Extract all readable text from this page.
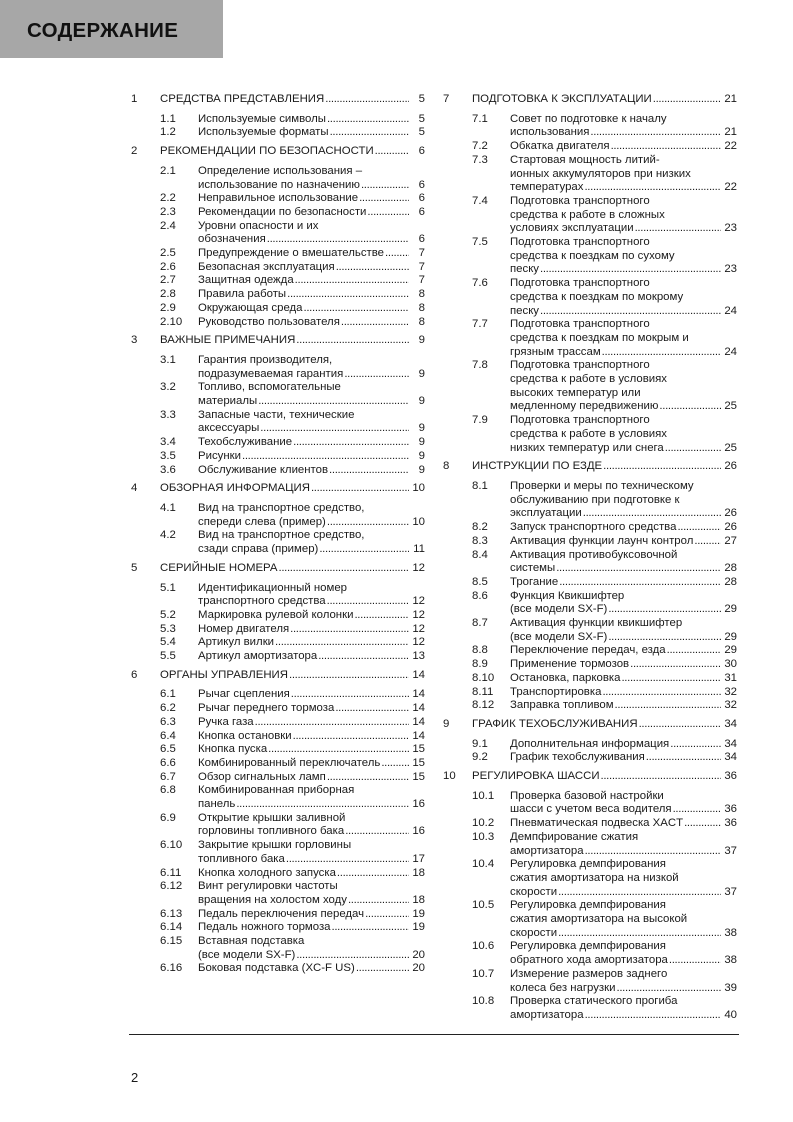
СОДЕРЖАНИЕ
1 СРЕДСТВА ПРЕДСТАВЛЕНИЯ . . .	5
1.1 Используемые символы . . .	5
1.2 Используемые форматы . . .	5
2 РЕКОМЕНДАЦИИ ПО БЕЗОПАСНОСТИ . . .	6
2.1 Определение использования –
использование по назначению . . .	6
2.2 Неправильное использование . . .	6
2.3 Рекомендации по безопасности . . .	6
2.4 Уровни опасности и их
обозначения . . .	6
2.5 Предупреждение о вмешательстве . . .	7
2.6 Безопасная эксплуатация . . .	7
2.7 Защитная одежда . . .	7
2.8 Правила работы . . .	8
2.9 Окружающая среда . . .	8
2.10 Руководство пользователя . . .	8
3 ВАЖНЫЕ ПРИМЕЧАНИЯ . . .	9
3.1 Гарантия производителя,
подразумеваемая гарантия . . .	9
3.2 Топливо, вспомогательные
материалы . . .	9
3.3 Запасные части, технические
аксессуары . . .	9
3.4 Техобслуживание . . .	9
3.5 Рисунки . . .	9
3.6 Обслуживание клиентов . . .	9
4 ОБЗОРНАЯ ИНФОРМАЦИЯ . . .	10
4.1 Вид на транспортное средство,
спереди слева (пример) . . .	10
4.2 Вид на транспортное средство,
сзади справа (пример) . . .	11
5 СЕРИЙНЫЕ НОМЕРА . . .	12
5.1 Идентификационный номер
транспортного средства . . .	12
5.2 Маркировка рулевой колонки . . .	12
5.3 Номер двигателя . . .	12
5.4 Артикул вилки . . .	12
5.5 Артикул амортизатора . . .	13
6 ОРГАНЫ УПРАВЛЕНИЯ . . .	14
6.1 Рычаг сцепления . . .	14
6.2 Рычаг переднего тормоза . . .	14
6.3 Ручка газа . . .	14
6.4 Кнопка остановки . . .	14
6.5 Кнопка пуска . . .	15
6.6 Комбинированный переключатель . . .	15
6.7 Обзор сигнальных ламп . . .	15
6.8 Комбинированная приборная
панель . . .	16
6.9 Открытие крышки заливной
горловины топливного бака . . .	16
6.10 Закрытие крышки горловины
топливного бака . . .	17
6.11 Кнопка холодного запуска . . .	18
6.12 Винт регулировки частоты
вращения на холостом ходу . . .	18
6.13 Педаль переключения передач . . .	19
6.14 Педаль ножного тормоза . . .	19
6.15 Вставная подставка
(все модели SX-F) . . .	20
6.16 Боковая подставка (XC-F US) . . .	20
7 ПОДГОТОВКА К ЭКСПЛУАТАЦИИ . . .	21
7.1 Совет по подготовке к началу
использования . . .	21
7.2 Обкатка двигателя . . .	22
7.3 Стартовая мощность литий-
ионных аккумуляторов при низких
температурах . . .	22
7.4 Подготовка транспортного
средства к работе в сложных
условиях эксплуатации . . .	23
7.5 Подготовка транспортного
средства к поездкам по сухому
песку . . .	23
7.6 Подготовка транспортного
средства к поездкам по мокрому
песку . . .	24
7.7 Подготовка транспортного
средства к поездкам по мокрым и
грязным трассам . . .	24
7.8 Подготовка транспортного
средства к работе в условиях
высоких температур или
медленному передвижению . . .	25
7.9 Подготовка транспортного
средства к работе в условиях
низких температур или снега . . .	25
8 ИНСТРУКЦИИ ПО ЕЗДЕ . . .	26
8.1 Проверки и меры по техническому
обслуживанию при подготовке к
эксплуатации . . .	26
8.2 Запуск транспортного средства . . .	26
8.3 Активация функции лаунч контрол . . .	27
8.4 Активация противобуксовочной
системы . . .	28
8.5 Трогание . . .	28
8.6 Функция Квикшифтер
(все модели SX-F) . . .	29
8.7 Активация функции квикшифтер
(все модели SX-F) . . .	29
8.8 Переключение передач, езда . . .	29
8.9 Применение тормозов . . .	30
8.10 Остановка, парковка . . .	31
8.11 Транспортировка . . .	32
8.12 Заправка топливом . . .	32
9 ГРАФИК ТЕХОБСЛУЖИВАНИЯ . . .	34
9.1 Дополнительная информация . . .	34
9.2 График техобслуживания . . .	34
10 РЕГУЛИРОВКА ШАССИ . . .	36
10.1 Проверка базовой настройки
шасси с учетом веса водителя . . .	36
10.2 Пневматическая подвеска XACT . . .	36
10.3 Демпфирование сжатия
амортизатора . . .	37
10.4 Регулировка демпфирования
сжатия амортизатора на низкой
скорости . . .	37
10.5 Регулировка демпфирования
сжатия амортизатора на высокой
скорости . . .	38
10.6 Регулировка демпфирования
обратного хода амортизатора . . .	38
10.7 Измерение размеров заднего
колеса без нагрузки . . .	39
10.8 Проверка статического прогиба
амортизатора . . .	40
2
